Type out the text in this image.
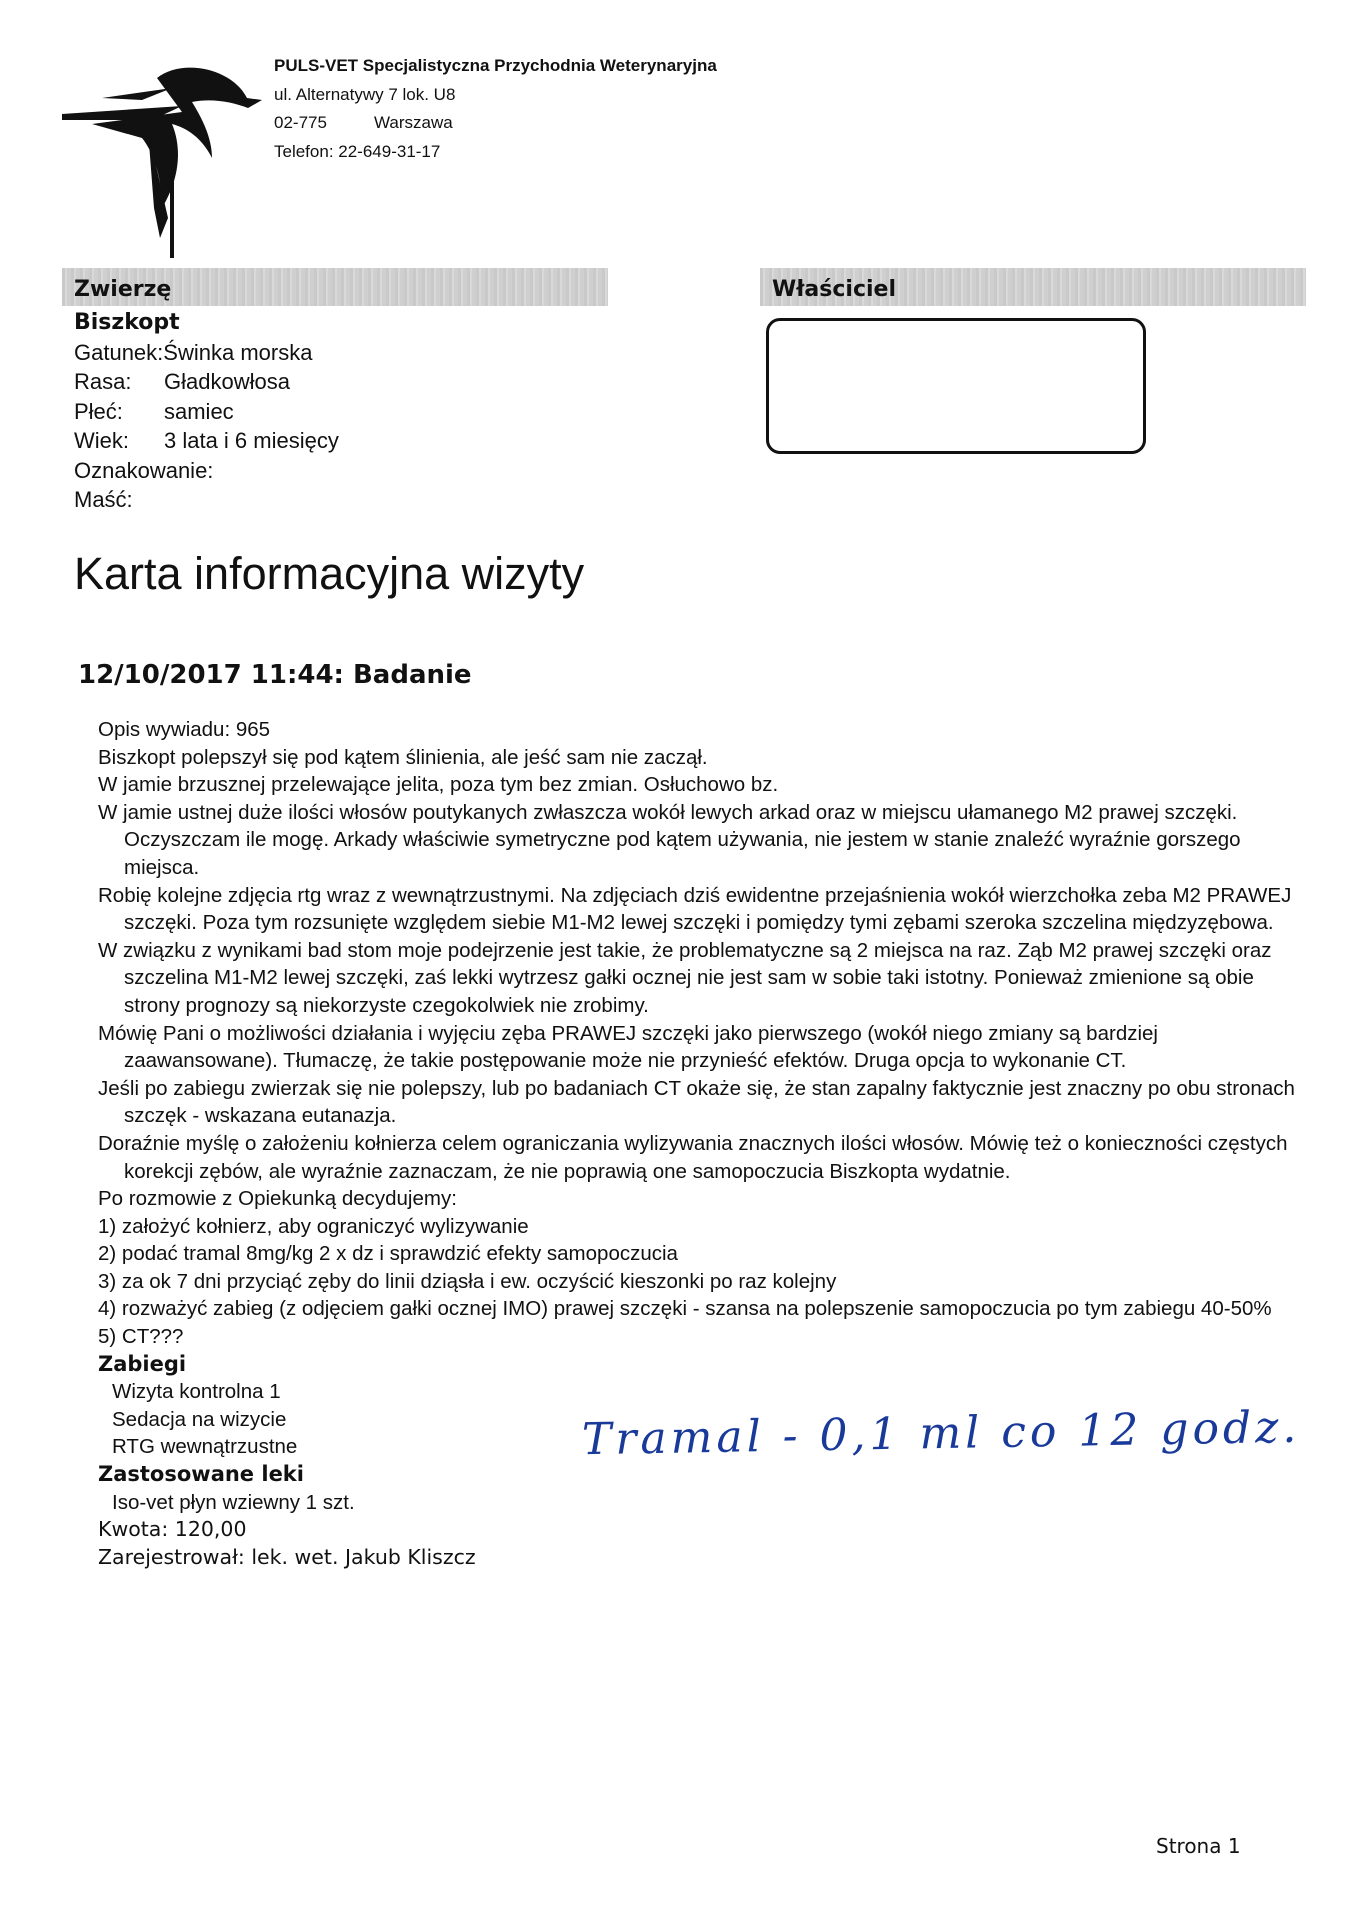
PULS-VET Specjalistyczna Przychodnia Weterynaryjna
ul. Alternatywy 7 lok. U8
02-775	Warszawa
Telefon: 22-649-31-17
Zwierzę	Właściciel
Biszkopt
Gatunek:Świnka morska
Rasa: Gładkowłosa
Płeć: samiec
Wiek: 3 lata i 6 miesięcy
Oznakowanie:
Maść:
Karta informacyjna wizyty
12/10/2017 11:44: Badanie

Opis wywiadu: 965

Biszkopt polepszył się pod kątem ślinienia, ale jeść sam nie zaczął.

W jamie brzusznej przelewające jelita, poza tym bez zmian. Osłuchowo bz.

W jamie ustnej duże ilości włosów poutykanych zwłaszcza wokół lewych arkad oraz w miejscu ułamanego M2 prawej szczęki. Oczyszczam ile mogę. Arkady właściwie symetryczne pod kątem używania, nie jestem w stanie znaleźć wyraźnie gorszego miejsca.

Robię kolejne zdjęcia rtg wraz z wewnątrzustnymi. Na zdjęciach dziś ewidentne przejaśnienia wokół wierzchołka zeba M2 PRAWEJ szczęki. Poza tym rozsunięte względem siebie M1-M2 lewej szczęki i pomiędzy tymi zębami szeroka szczelina międzyzębowa.

W związku z wynikami bad stom moje podejrzenie jest takie, że problematyczne są 2 miejsca na raz. Ząb M2 prawej szczęki oraz szczelina M1-M2 lewej szczęki, zaś lekki wytrzesz gałki ocznej nie jest sam w sobie taki istotny. Ponieważ zmienione są obie strony prognozy są niekorzyste czegokolwiek nie zrobimy.

Mówię Pani o możliwości działania i wyjęciu zęba PRAWEJ szczęki jako pierwszego (wokół niego zmiany są bardziej zaawansowane). Tłumaczę, że takie postępowanie może nie przynieść efektów. Druga opcja to wykonanie CT.

Jeśli po zabiegu zwierzak się nie polepszy, lub po badaniach CT okaże się, że stan zapalny faktycznie jest znaczny po obu stronach szczęk - wskazana eutanazja.

Doraźnie myślę o założeniu kołnierza celem ograniczania wylizywania znacznych ilości włosów. Mówię też o konieczności częstych korekcji zębów, ale wyraźnie zaznaczam, że nie poprawią one samopoczucia Biszkopta wydatnie.

Po rozmowie z Opiekunką decydujemy:

1) założyć kołnierz, aby ograniczyć wylizywanie

2) podać tramal 8mg/kg 2 x dz i sprawdzić efekty samopoczucia

3) za ok 7 dni przyciąć zęby do linii dziąsła i ew. oczyścić kieszonki po raz kolejny

4) rozważyć zabieg (z odjęciem gałki ocznej IMO) prawej szczęki - szansa na polepszenie samopoczucia po tym zabiegu 40-50%

5) CT???

Zabiegi

Wizyta kontrolna 1

Sedacja na wizycie

RTG wewnątrzustne

Zastosowane leki

Iso-vet płyn wziewny 1 szt.

Kwota: 120,00

Zarejestrował: lek. wet. Jakub Kliszcz

Tramal - 0,1 ml co 12 godz.
Strona 1
